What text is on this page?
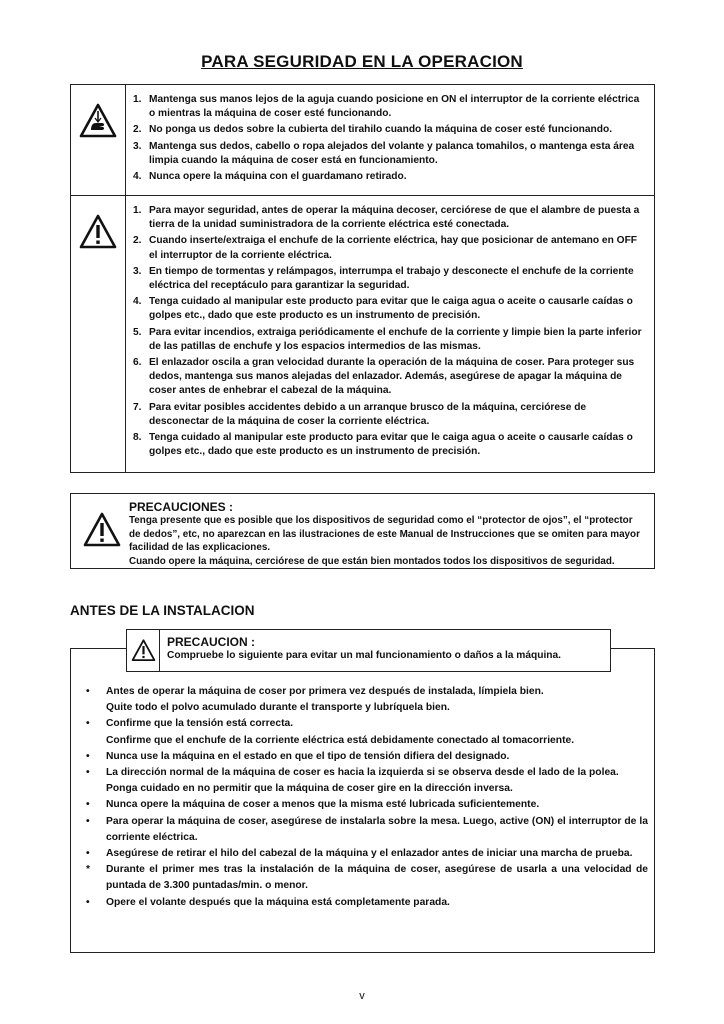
PARA SEGURIDAD EN LA OPERACION
1. Mantenga sus manos lejos de la aguja cuando posicione en ON el interruptor de la corriente eléctrica o mientras la máquina de coser esté funcionando.
2. No ponga us dedos sobre la cubierta del tirahilo cuando la máquina de coser esté funcionando.
3. Mantenga sus dedos, cabello o ropa alejados del volante y palanca tomahilos, o mantenga esta área limpia cuando la máquina de coser está en funcionamiento.
4. Nunca opere la máquina con el guardamano retirado.
1. Para mayor seguridad, antes de operar la máquina decoser, cerciórese de que el alambre de puesta a tierra de la unidad suministradora de la corriente eléctrica esté conectada.
2. Cuando inserte/extraiga el enchufe de la corriente eléctrica, hay que posicionar de antemano en OFF el interruptor de la corriente eléctrica.
3. En tiempo de tormentas y relámpagos, interrumpa el trabajo y desconecte el enchufe de la corriente eléctrica del receptáculo para garantizar la seguridad.
4. Tenga cuidado al manipular este producto para evitar que le caiga agua o aceite o causarle caídas o golpes etc., dado que este producto es un instrumento de precisión.
5. Para evitar incendios, extraiga periódicamente el enchufe de la corriente y limpie bien la parte inferior de las patillas de enchufe y los espacios intermedios de las mismas.
6. El enlazador oscila a gran velocidad durante la operación de la máquina de coser. Para proteger sus dedos, mantenga sus manos alejadas del enlazador. Además, asegúrese de apagar la máquina de coser antes de enhebrar el cabezal de la máquina.
7. Para evitar posibles accidentes debido a un arranque brusco de la máquina, cerciórese de desconectar de la máquina de coser la corriente eléctrica.
8. Tenga cuidado al manipular este producto para evitar que le caiga agua o aceite o causarle caídas o golpes etc., dado que este producto es un instrumento de precisión.
PRECAUCIONES :
Tenga presente que es posible que los dispositivos de seguridad como el “protector de ojos”, el “protector de dedos”, etc, no aparezcan en las ilustraciones de este Manual de Instrucciones que se omiten para mayor facilidad de las explicaciones.
Cuando opere la máquina, cerciórese de que están bien montados todos los dispositivos de seguridad.
ANTES DE LA INSTALACION
PRECAUCION :
Compruebe lo siguiente para evitar un mal funcionamiento o daños a la máquina.
• Antes de operar la máquina de coser por primera vez después de instalada, límpiela bien.
Quite todo el polvo acumulado durante el transporte y lubríquela bien.
• Confirme que la tensión está correcta.
Confirme que el enchufe de la corriente eléctrica está debidamente conectado al tomacorriente.
• Nunca use la máquina en el estado en que el tipo de tensión difiera del designado.
• La dirección normal de la máquina de coser es hacia la izquierda si se observa desde el lado de la polea.
Ponga cuidado en no permitir que la máquina de coser gire en la dirección inversa.
• Nunca opere la máquina de coser a menos que la misma esté lubricada suficientemente.
• Para operar la máquina de coser, asegúrese de instalarla sobre la mesa. Luego, active (ON) el interruptor de la corriente eléctrica.
• Asegúrese de retirar el hilo del cabezal de la máquina y el enlazador antes de iniciar una marcha de prueba.
* Durante el primer mes tras la instalación de la máquina de coser, asegúrese de usarla a una velocidad de puntada de 3.300 puntadas/min. o menor.
• Opere el volante después que la máquina está completamente parada.
v
